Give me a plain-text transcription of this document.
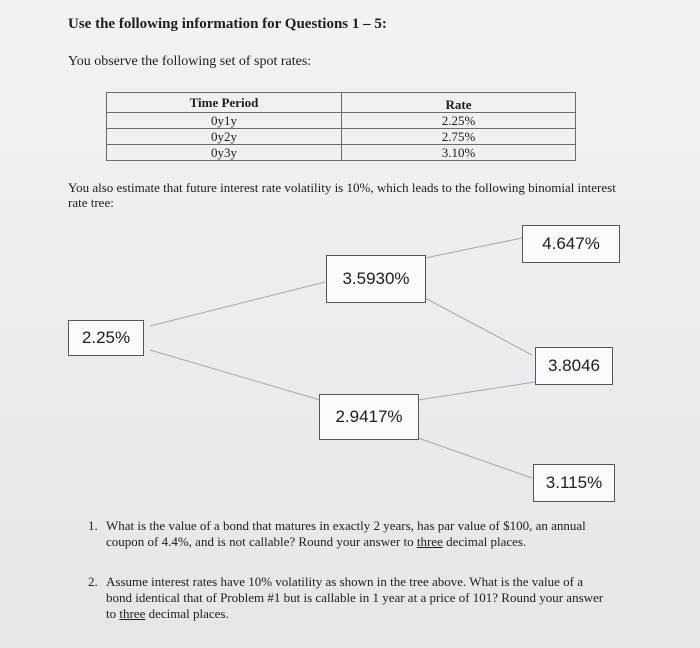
Use the following information for Questions 1 – 5:
You observe the following set of spot rates:
Time Period	Rate
0y1y	2.25%
0y2y	2.75%
0y3y	3.10%
You also estimate that future interest rate volatility is 10%, which leads to the following binomial interest rate tree:
2.25%
3.5930%
2.9417%
4.647%
3.8046
3.115%
1. What is the value of a bond that matures in exactly 2 years, has par value of $100, an annual coupon of 4.4%, and is not callable? Round your answer to three decimal places.
2. Assume interest rates have 10% volatility as shown in the tree above. What is the value of a bond identical that of Problem #1 but is callable in 1 year at a price of 101? Round your answer to three decimal places.
